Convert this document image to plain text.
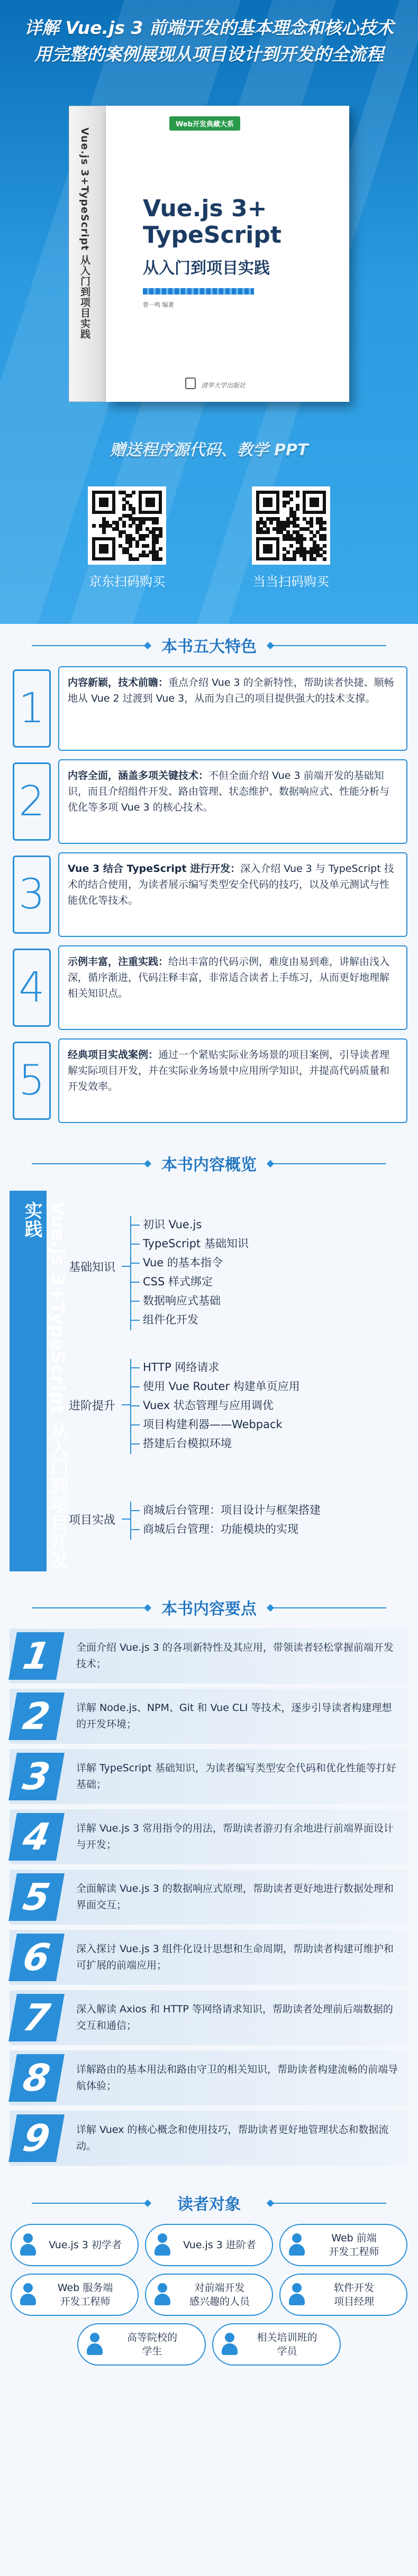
详解 Vue.js 3 前端开发的基本理念和核心技术
用完整的案例展现从项目设计到开发的全流程
Vue.js 3+TypeScript 从入门到项目实践
Web开发典藏大系
Vue.js 3+
TypeScript
从入门到项目实践
曾一鸣 编著
清华大学出版社
赠送程序源代码、教学 PPT
京东扫码购买	当当扫码购买
本书五大特色
1
内容新颖，技术前瞻：重点介绍 Vue 3 的全新特性，帮助读者快捷、顺畅地从 Vue 2 过渡到 Vue 3，从而为自己的项目提供强大的技术支撑。
2
内容全面，涵盖多项关键技术：不但全面介绍 Vue 3 前端开发的基础知识，而且介绍组件开发、路由管理、状态维护、数据响应式、性能分析与优化等多项 Vue 3 的核心技术。
3
Vue 3 结合 TypeScript 进行开发：深入介绍 Vue 3 与 TypeScript 技术的结合使用，为读者展示编写类型安全代码的技巧，以及单元测试与性能优化等技术。
4
示例丰富，注重实践：给出丰富的代码示例，难度由易到难，讲解由浅入深，循序渐进，代码注释丰富，非常适合读者上手练习，从而更好地理解相关知识点。
5
经典项目实战案例：通过一个紧贴实际业务场景的项目案例，引导读者理解实际项目开发，并在实际业务场景中应用所学知识，并提高代码质量和开发效率。
本书内容概览
Vue.js 3+TypeScript 从入门到项目开发实践
基础知识
初识 Vue.js
TypeScript 基础知识
Vue 的基本指令
CSS 样式绑定
数据响应式基础
组件化开发
进阶提升
HTTP 网络请求
使用 Vue Router 构建单页应用
Vuex 状态管理与应用调优
项目构建利器——Webpack
搭建后台模拟环境
项目实战
商城后台管理：项目设计与框架搭建
商城后台管理：功能模块的实现
本书内容要点
1	全面介绍 Vue.js 3 的各项新特性及其应用，带领读者轻松掌握前端开发技术；
2	详解 Node.js、NPM、Git 和 Vue CLI 等技术，逐步引导读者构建理想的开发环境；
3	详解 TypeScript 基础知识，为读者编写类型安全代码和优化性能等打好基础；
4	详解 Vue.js 3 常用指令的用法，帮助读者游刃有余地进行前端界面设计与开发；
5	全面解读 Vue.js 3 的数据响应式原理，帮助读者更好地进行数据处理和界面交互；
6	深入探讨 Vue.js 3 组件化设计思想和生命周期，帮助读者构建可维护和可扩展的前端应用；
7	深入解读 Axios 和 HTTP 等网络请求知识，帮助读者处理前后端数据的交互和通信；
8	详解路由的基本用法和路由守卫的相关知识，帮助读者构建流畅的前端导航体验；
9	详解 Vuex 的核心概念和使用技巧，帮助读者更好地管理状态和数据流动。
读者对象
Vue.js 3 初学者	Vue.js 3 进阶者
Web 前端
开发工程师
Web 服务端
开发工程师
对前端开发
感兴趣的人员
软件开发
项目经理
高等院校的
学生
相关培训班的
学员
